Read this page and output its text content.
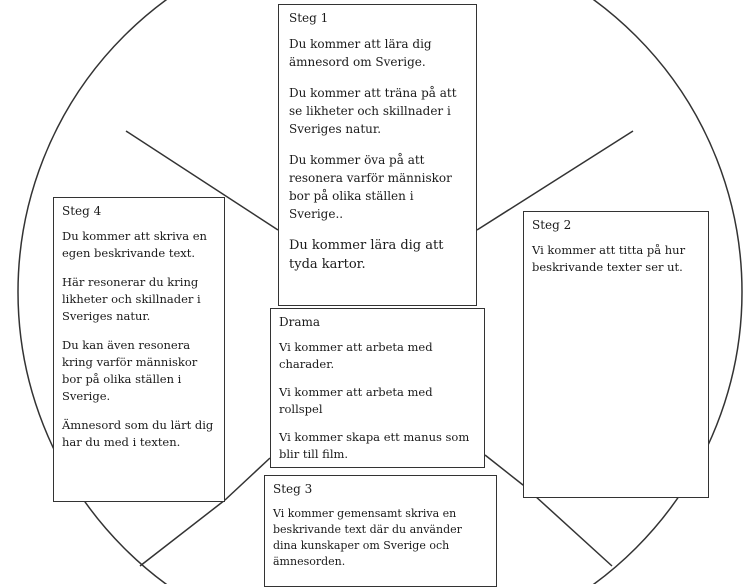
Steg 1

Du kommer att lära dig ämnesord om Sverige.

Du kommer att träna på att se likheter och skillnader i Sveriges natur.

Du kommer öva på att resonera varför människor bor på olika ställen i Sverige..

Du kommer lära dig att tyda kartor.

Steg 4

Du kommer att skriva en egen beskrivande text.

Här resonerar du kring likheter och skillnader i Sveriges natur.

Du kan även resonera kring varför människor bor på olika ställen i Sverige.

Ämnesord som du lärt dig har du med i texten.

Steg 2

Vi kommer att titta på hur beskrivande texter ser ut.

Drama

Vi kommer att arbeta med charader.

Vi kommer att arbeta med rollspel

Vi kommer skapa ett manus som blir till film.

Steg 3

Vi kommer gemensamt skriva en beskrivande text där du använder dina kunskaper om Sverige och ämnesorden.
